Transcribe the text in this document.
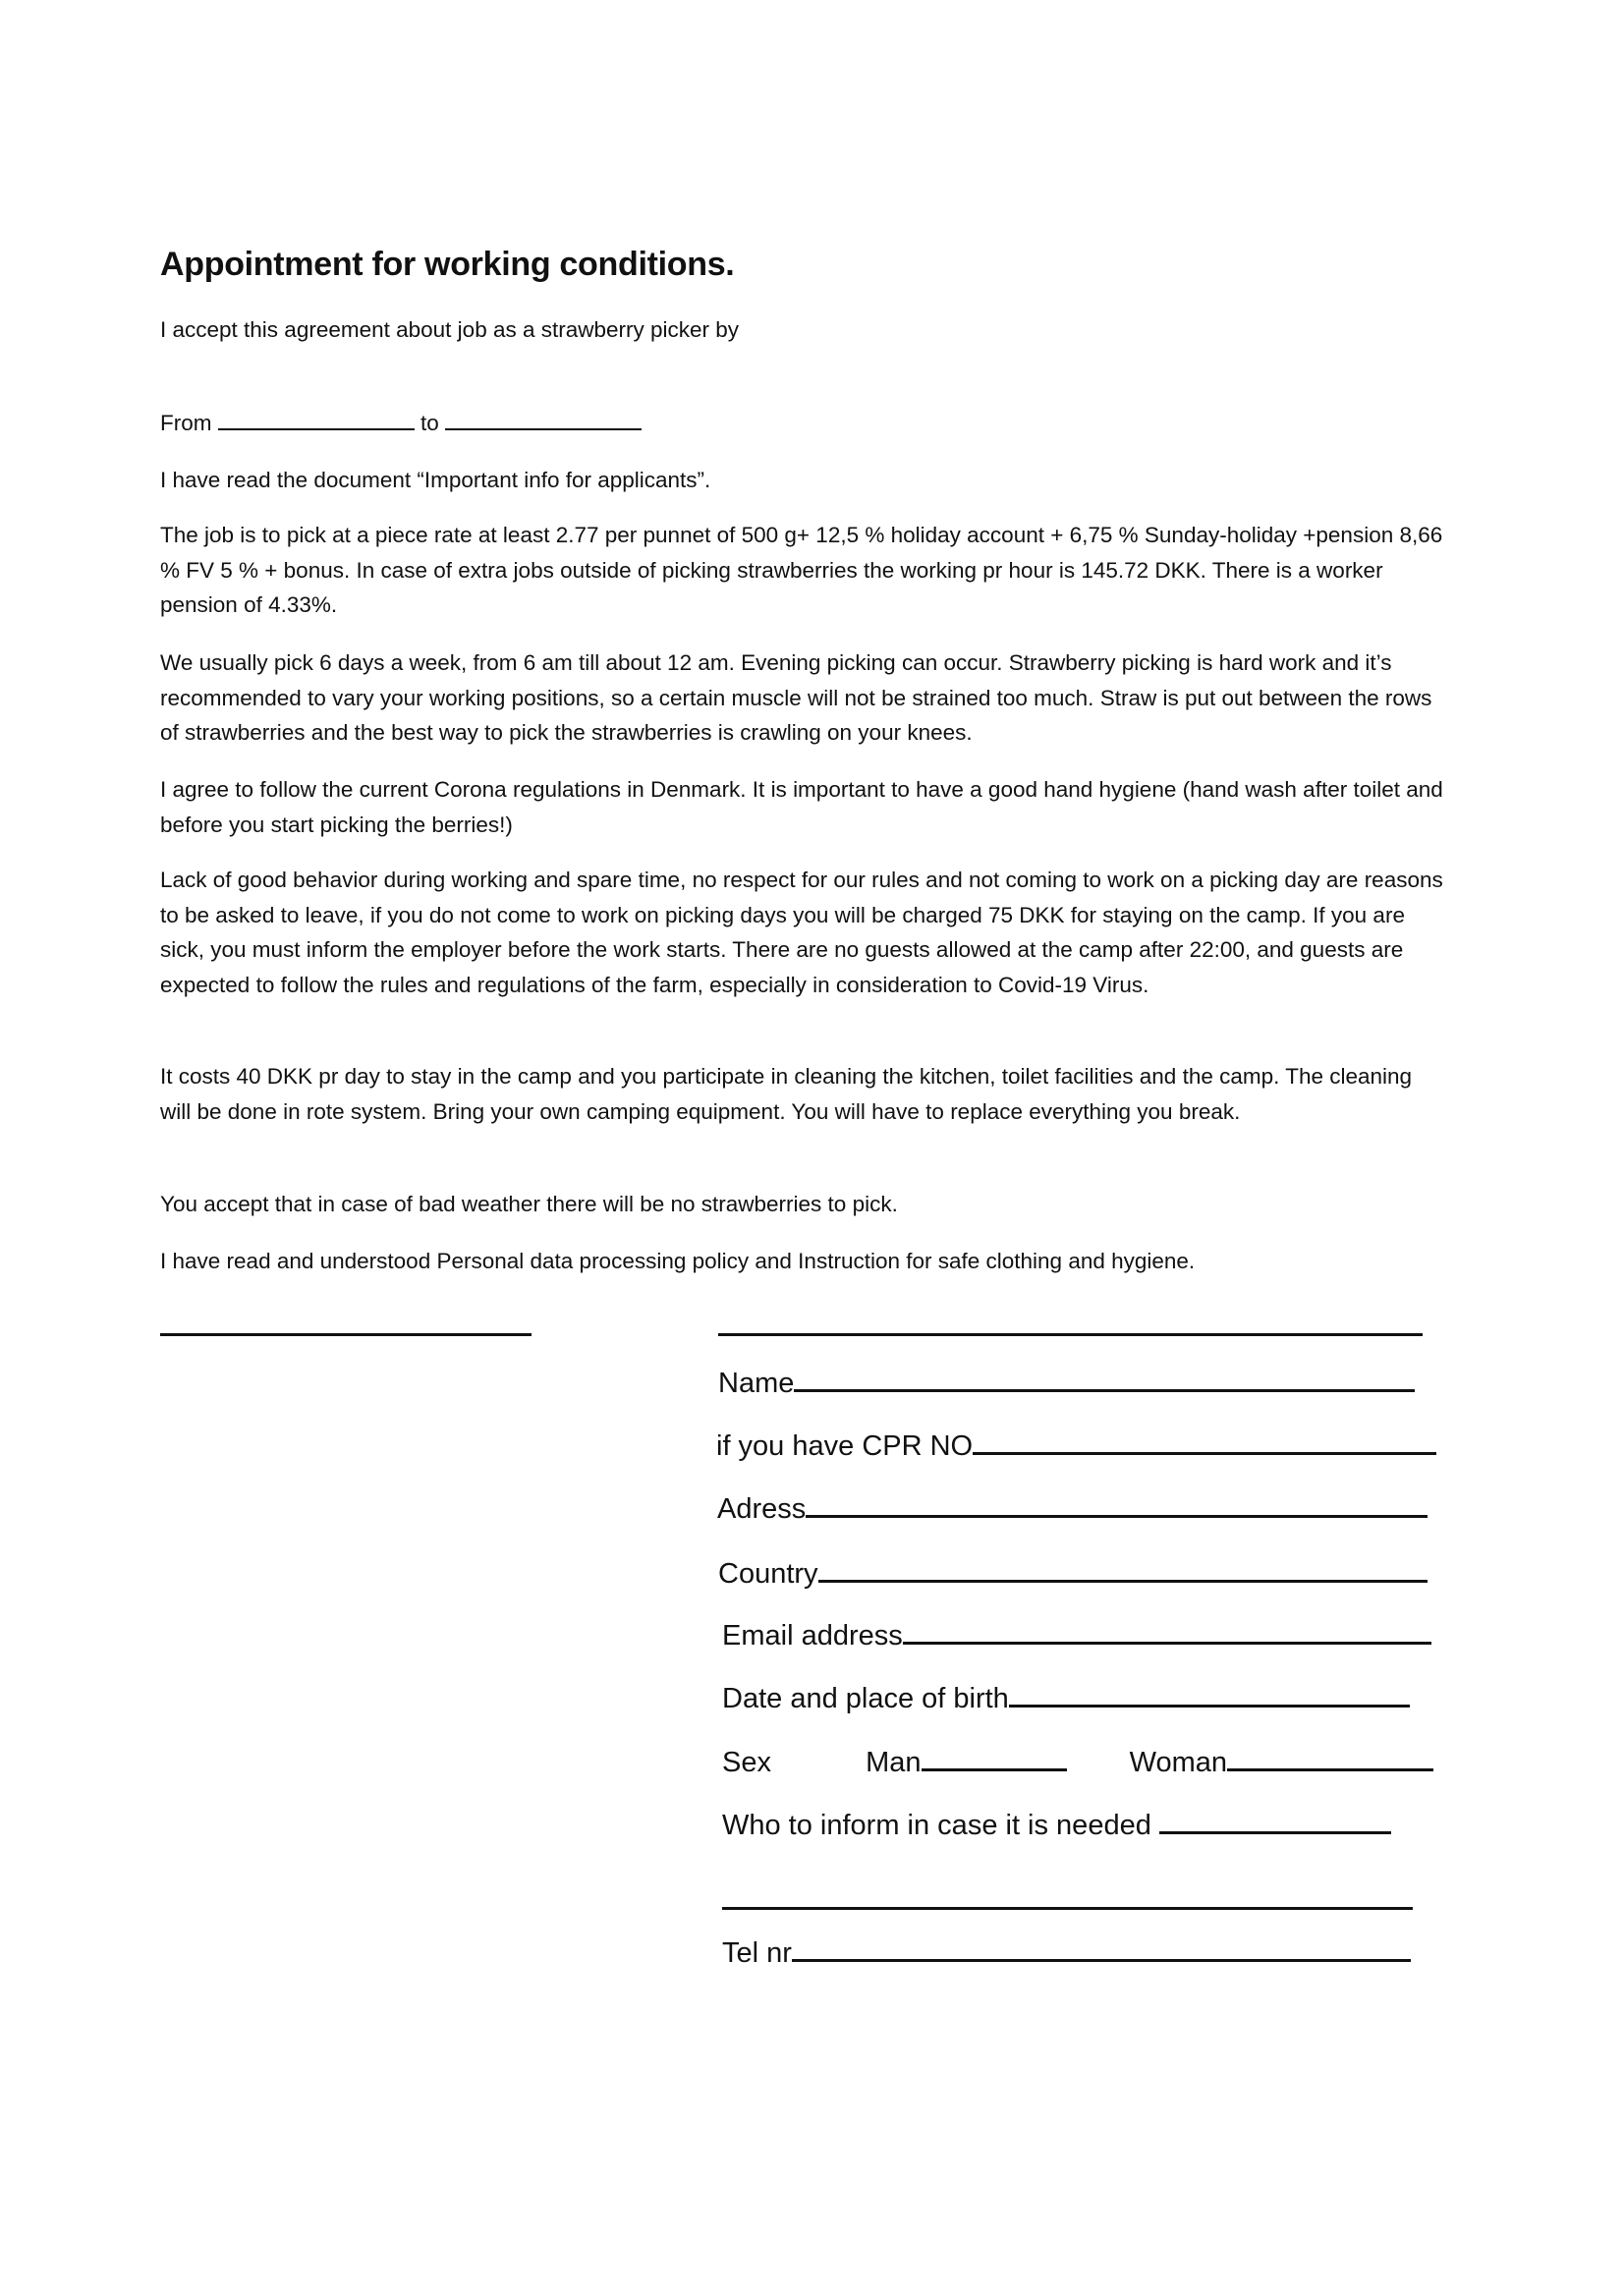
Appointment for working conditions.
I accept this agreement about job as a strawberry picker by
From	to
I have read the document “Important info for applicants”.
The job is to pick at a piece rate at least 2.77 per punnet of 500 g+ 12,5 % holiday account + 6,75 % Sunday-holiday +pension 8,66 % FV 5 % + bonus. In case of extra jobs outside of picking strawberries the working pr hour is 145.72 DKK. There is a worker pension of 4.33%.
We usually pick 6 days a week, from 6 am till about 12 am. Evening picking can occur. Strawberry picking is hard work and it’s recommended to vary your working positions, so a certain muscle will not be strained too much. Straw is put out between the rows of strawberries and the best way to pick the strawberries is crawling on your knees.
I agree to follow the current Corona regulations in Denmark. It is important to have a good hand hygiene (hand wash after toilet and before you start picking the berries!)
Lack of good behavior during working and spare time, no respect for our rules and not coming to work on a picking day are reasons to be asked to leave, if you do not come to work on picking days you will be charged 75 DKK for staying on the camp. If you are sick, you must inform the employer before the work starts. There are no guests allowed at the camp after 22:00, and guests are expected to follow the rules and regulations of the farm, especially in consideration to Covid-19 Virus.
It costs 40 DKK pr day to stay in the camp and you participate in cleaning the kitchen, toilet facilities and the camp. The cleaning will be done in rote system. Bring your own camping equipment. You will have to replace everything you break.
You accept that in case of bad weather there will be no strawberries to pick.
I have read and understood Personal data processing policy and Instruction for safe clothing and hygiene.
Name
if you have CPR NO
Adress
Country
Email address
Date and place of birth
Sex	Man	Woman
Who to inform in case it is needed
Tel nr
